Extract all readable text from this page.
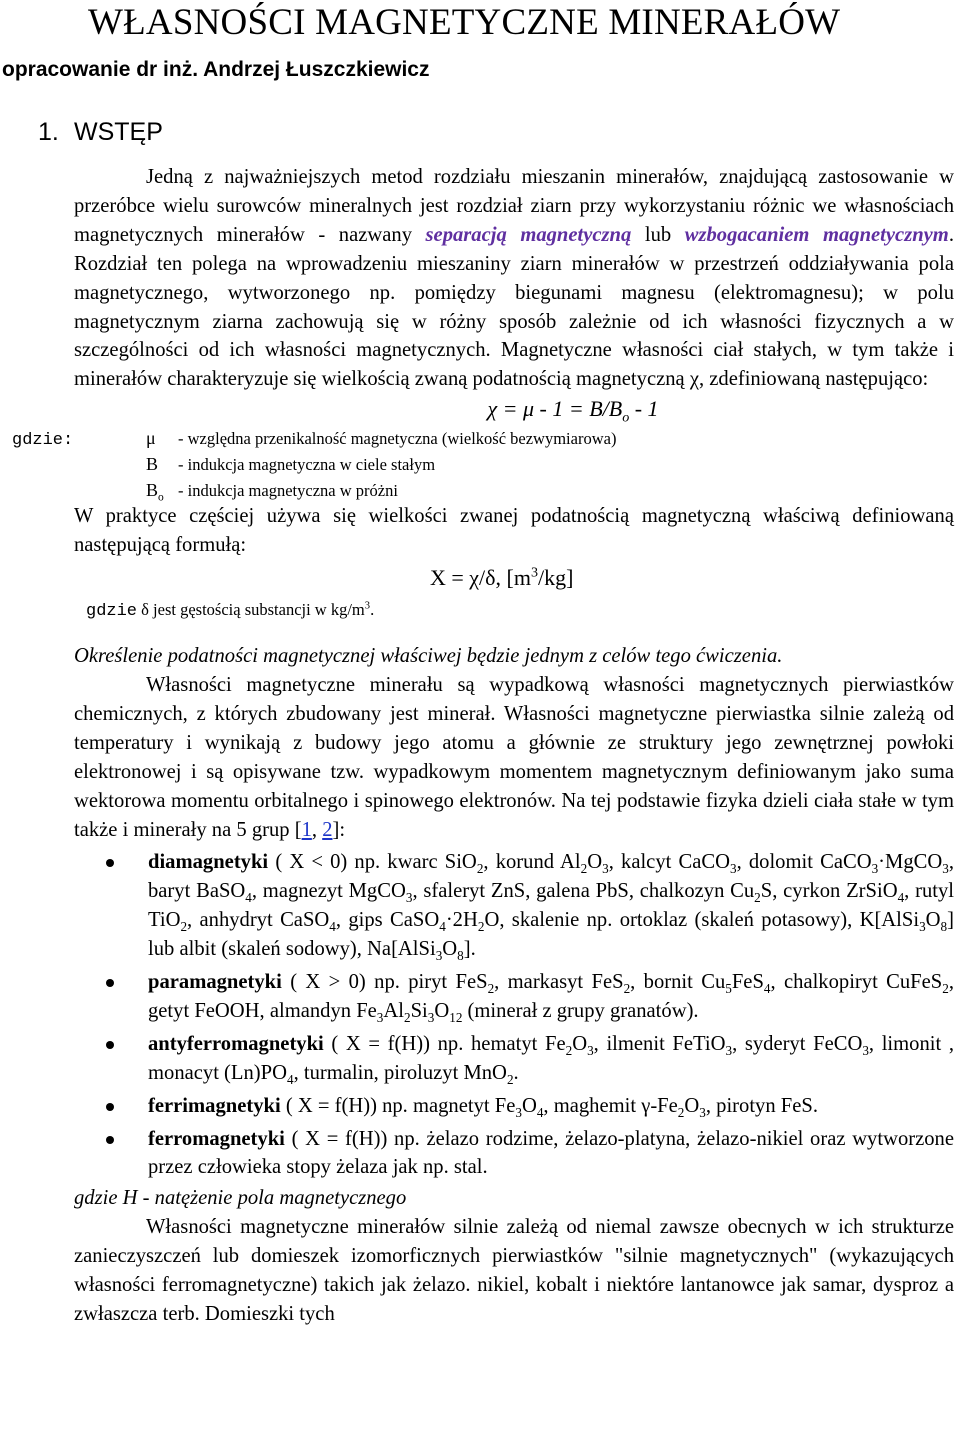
WŁASNOŚCI MAGNETYCZNE MINERAŁÓW
opracowanie dr inż. Andrzej Łuszczkiewicz
1. WSTĘP

Jedną z najważniejszych metod rozdziału mieszanin minerałów, znajdującą zastosowanie w przeróbce wielu surowców mineralnych jest rozdział ziarn przy wykorzystaniu różnic we własnościach magnetycznych minerałów - nazwany separacją magnetyczną lub wzbogacaniem magnetycznym. Rozdział ten polega na wprowadzeniu mieszaniny ziarn minerałów w przestrzeń oddziaływania pola magnetycznego, wytworzonego np. pomiędzy biegunami magnesu (elektromagnesu); w polu magnetycznym ziarna zachowują się w różny sposób zależnie od ich własności fizycznych a w szczególności od ich własności magnetycznych. Magnetyczne własności ciał stałych, w tym także i minerałów charakteryzuje się wielkością zwaną podatnością magnetyczną χ, zdefiniowaną następująco:

$\chi = \mu - 1 = B/B_o - 1$

gdzie:	μ	- względna przenikalność magnetyczna (wielkość bezwymiarowa)
B	- indukcja magnetyczna w ciele stałym
$B_o$ - indukcja magnetyczna w próżni

W praktyce częściej używa się wielkości zwanej podatnością magnetyczną właściwą definiowaną następującą formułą:

X = χ/δ, $[m^3/kg]$

gdzie δ jest gęstością substancji w $kg/m^3$.

Określenie podatności magnetycznej właściwej będzie jednym z celów tego ćwiczenia.

Własności magnetyczne minerału są wypadkową własności magnetycznych pierwiastków chemicznych, z których zbudowany jest minerał. Własności magnetyczne pierwiastka silnie zależą od temperatury i wynikają z budowy jego atomu a głównie ze struktury jego zewnętrznej powłoki elektronowej i są opisywane tzw. wypadkowym momentem magnetycznym definiowanym jako suma wektorowa momentu orbitalnego i spinowego elektronów. Na tej podstawie fizyka dzieli ciała stałe w tym także i minerały na 5 grup [1, 2]:

diamagnetyki ( X < 0) np. kwarc SiO$_2$, korund $Al_2O_3$, kalcyt CaCO$_3$, dolomit CaCO$_3$·MgCO$_3$, baryt BaSO$_4$, magnezyt MgCO$_3$, sfaleryt ZnS, galena PbS, chalkozyn $Cu_2S$, cyrkon ZrSiO$_4$, rutyl TiO$_2$, anhydryt CaSO$_4$, gips $CaSO_4\cdot 2H_2O$, skalenie np. ortoklaz (skaleń potasowy), $K[AlSi_3O_8]$ lub albit (skaleń sodowy), $Na[AlSi_3O_8]$.
paramagnetyki ( X > 0) np. piryt FeS$_2$, markasyt FeS$_2$, bornit $Cu_5FeS_4$, chalkopiryt CuFeS$_2$, getyt FeOOH, almandyn $Fe_3Al_2Si_3O_{12}$ (minerał z grupy granatów).
antyferromagnetyki ( X = f(H)) np. hematyt $Fe_2O_3$, ilmenit FeTiO$_3$, syderyt FeCO$_3$, limonit , monacyt $(Ln)PO_4$, turmalin, piroluzyt MnO$_2$.
ferrimagnetyki ( X = f(H)) np. magnetyt $Fe_3O_4$, maghemit $\gamma-Fe_2O_3$, pirotyn FeS.
ferromagnetyki ( X = f(H)) np. żelazo rodzime, żelazo-platyna, żelazo-nikiel oraz wytworzone przez człowieka stopy żelaza jak np. stal.

gdzie H - natężenie pola magnetycznego

Własności magnetyczne minerałów silnie zależą od niemal zawsze obecnych w ich strukturze zanieczyszczeń lub domieszek izomorficznych pierwiastków "silnie magnetycznych" (wykazujących własności ferromagnetyczne) takich jak żelazo. nikiel, kobalt i niektóre lantanowce jak samar, dysproz a zwłaszcza terb. Domieszki tych
